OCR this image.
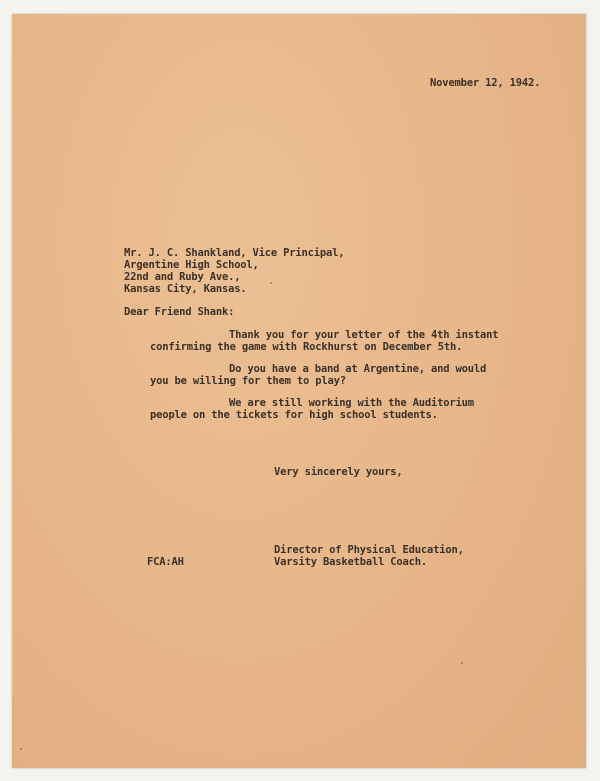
November 12, 1942.

Mr. J. C. Shankland, Vice Principal,

Argentine High School,

22nd and Ruby Ave.,

Kansas City, Kansas.

Dear Friend Shank:

Thank you for your letter of the 4th instant

confirming the game with Rockhurst on December 5th.

Do you have a band at Argentine, and would

you be willing for them to play?

We are still working with the Auditorium

people on the tickets for high school students.

Very sincerely yours,

Director of Physical Education,

Varsity Basketball Coach.

FCA:AH
